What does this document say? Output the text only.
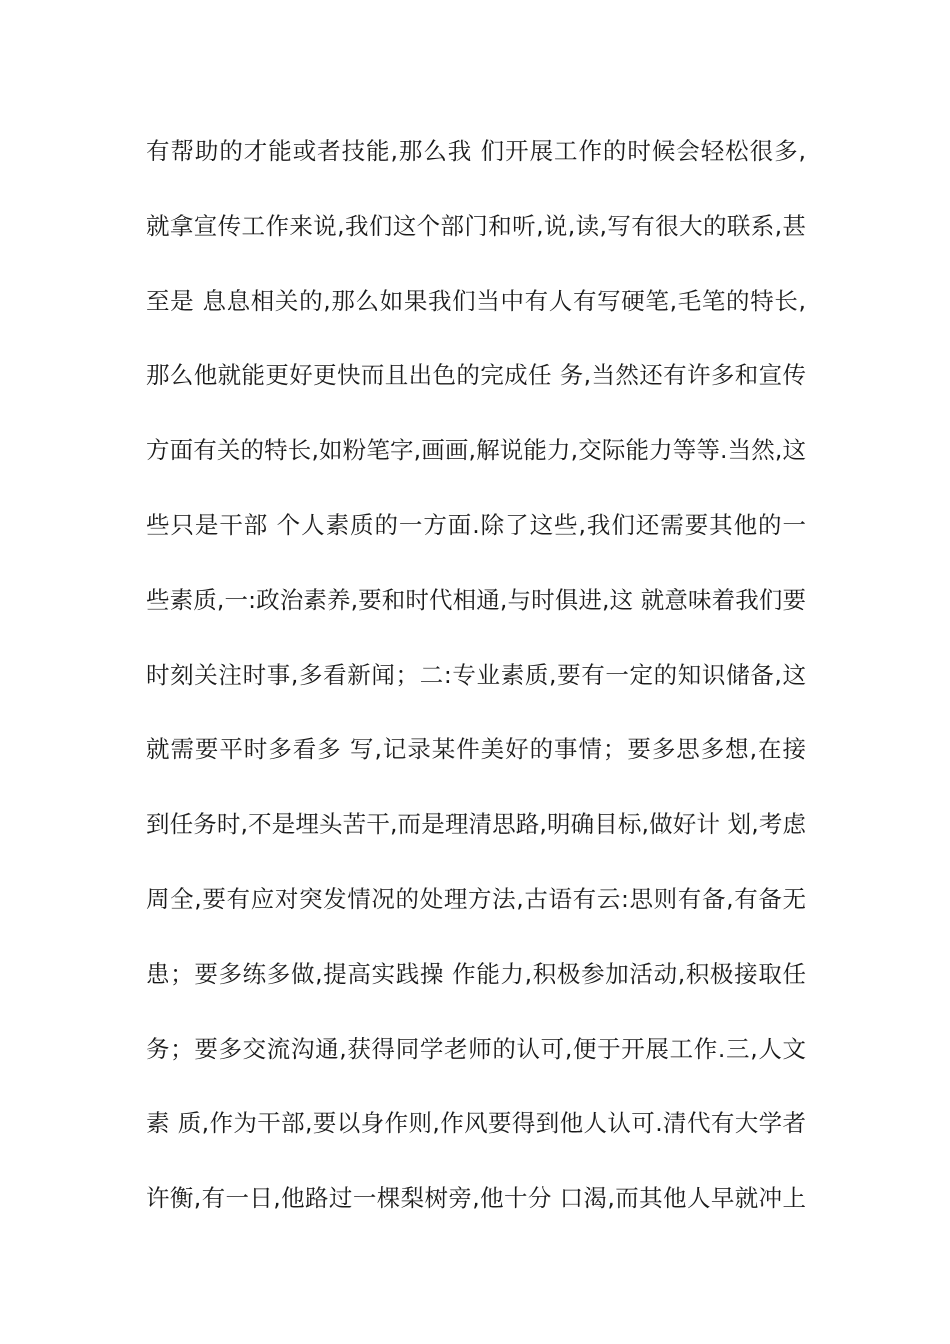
有帮助的才能或者技能,那么我 们开展工作的时候会轻松很多,
就拿宣传工作来说,我们这个部门和听,说,读,写有很大的联系,甚
至是 息息相关的,那么如果我们当中有人有写硬笔,毛笔的特长,
那么他就能更好更快而且出色的完成任 务,当然还有许多和宣传
方面有关的特长,如粉笔字,画画,解说能力,交际能力等等.当然,这
些只是干部 个人素质的一方面.除了这些,我们还需要其他的一
些素质,一:政治素养,要和时代相通,与时俱进,这 就意味着我们要
时刻关注时事,多看新闻；二:专业素质,要有一定的知识储备,这
就需要平时多看多 写,记录某件美好的事情；要多思多想,在接
到任务时,不是埋头苦干,而是理清思路,明确目标,做好计 划,考虑
周全,要有应对突发情况的处理方法,古语有云:思则有备,有备无
患；要多练多做,提高实践操 作能力,积极参加活动,积极接取任
务；要多交流沟通,获得同学老师的认可,便于开展工作.三,人文
素 质,作为干部,要以身作则,作风要得到他人认可.清代有大学者
许衡,有一日,他路过一棵梨树旁,他十分 口渴,而其他人早就冲上
